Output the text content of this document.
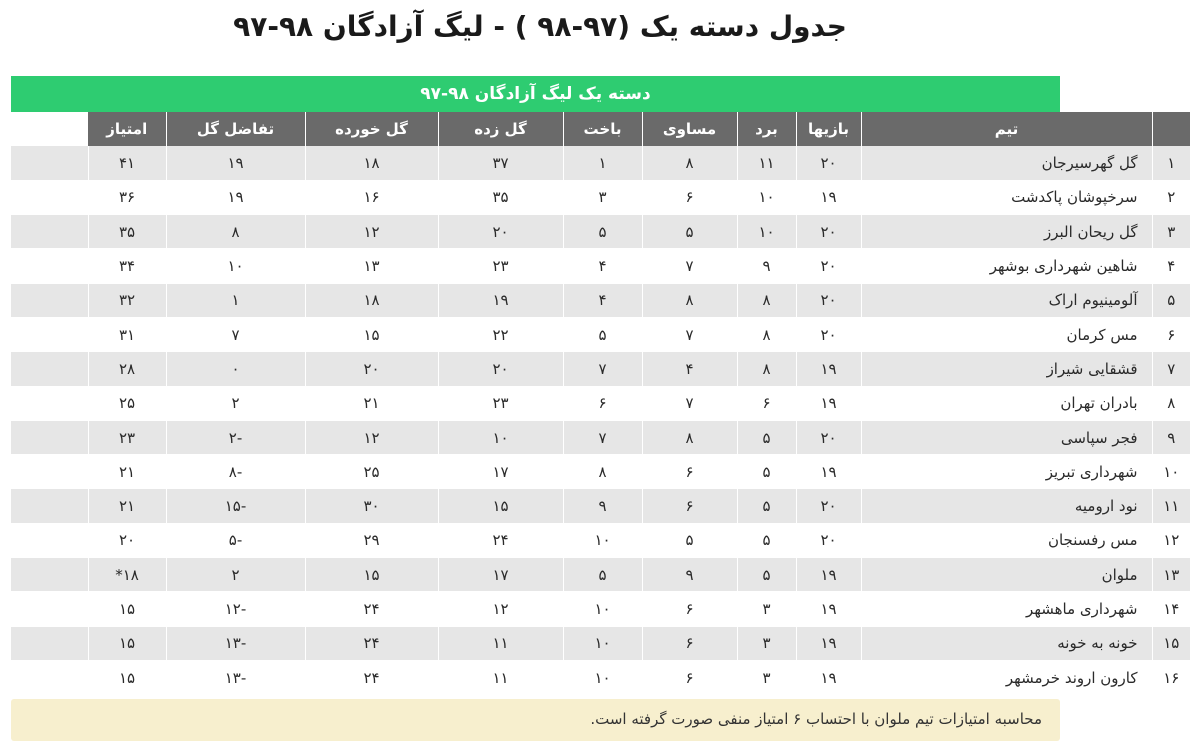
جدول دسته یک (۹۷-۹۸ ) - لیگ آزادگان ۹۸-۹۷
دسته یک لیگ آزادگان ۹۸-۹۷
	تیم	بازیها	برد	مساوی	باخت	گل زده	گل خورده	تفاضل گل	امتیاز	
۱	گل گهرسیرجان	۲۰	۱۱	۸	۱	۳۷	۱۸	۱۹	۴۱	
۲	سرخپوشان پاکدشت	۱۹	۱۰	۶	۳	۳۵	۱۶	۱۹	۳۶	
۳	گل ریحان البرز	۲۰	۱۰	۵	۵	۲۰	۱۲	۸	۳۵	
۴	شاهین شهرداری بوشهر	۲۰	۹	۷	۴	۲۳	۱۳	۱۰	۳۴	
۵	آلومینیوم اراک	۲۰	۸	۸	۴	۱۹	۱۸	۱	۳۲	
۶	مس کرمان	۲۰	۸	۷	۵	۲۲	۱۵	۷	۳۱	
۷	قشقایی شیراز	۱۹	۸	۴	۷	۲۰	۲۰	۰	۲۸	
۸	بادران تهران	۱۹	۶	۷	۶	۲۳	۲۱	۲	۲۵	
۹	فجر سپاسی	۲۰	۵	۸	۷	۱۰	۱۲	-۲	۲۳	
۱۰	شهرداری تبریز	۱۹	۵	۶	۸	۱۷	۲۵	-۸	۲۱	
۱۱	نود ارومیه	۲۰	۵	۶	۹	۱۵	۳۰	-۱۵	۲۱	
۱۲	مس رفسنجان	۲۰	۵	۵	۱۰	۲۴	۲۹	-۵	۲۰	
۱۳	ملوان	۱۹	۵	۹	۵	۱۷	۱۵	۲	۱۸*	
۱۴	شهرداری ماهشهر	۱۹	۳	۶	۱۰	۱۲	۲۴	-۱۲	۱۵	
۱۵	خونه به خونه	۱۹	۳	۶	۱۰	۱۱	۲۴	-۱۳	۱۵	
۱۶	کارون اروند خرمشهر	۱۹	۳	۶	۱۰	۱۱	۲۴	-۱۳	۱۵	
محاسبه امتیازات تیم ملوان با احتساب ۶ امتیاز منفی صورت گرفته است.
